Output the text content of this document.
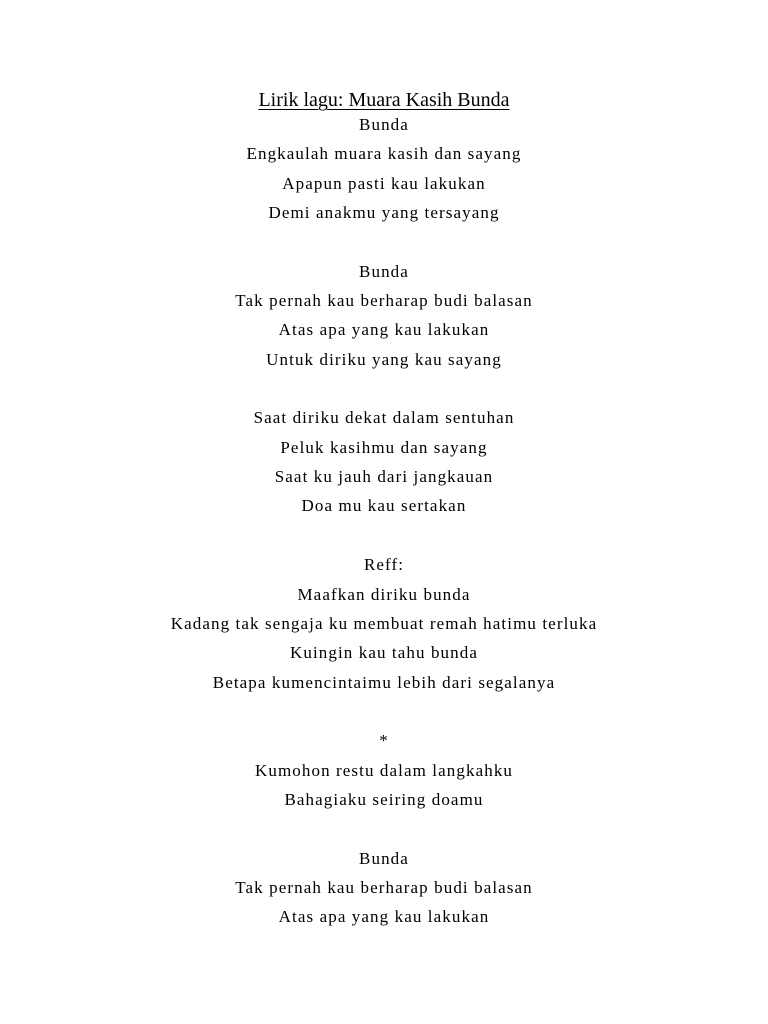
Lirik lagu: Muara Kasih Bunda
Bunda
Engkaulah muara kasih dan sayang
Apapun pasti kau lakukan
Demi anakmu yang tersayang
Bunda
Tak pernah kau berharap budi balasan
Atas apa yang kau lakukan
Untuk diriku yang kau sayang
Saat diriku dekat dalam sentuhan
Peluk kasihmu dan sayang
Saat ku jauh dari jangkauan
Doa mu kau sertakan
Reff:
Maafkan diriku bunda
Kadang tak sengaja ku membuat remah hatimu terluka
Kuingin kau tahu bunda
Betapa kumencintaimu lebih dari segalanya
*
Kumohon restu dalam langkahku
Bahagiaku seiring doamu
Bunda
Tak pernah kau berharap budi balasan
Atas apa yang kau lakukan
